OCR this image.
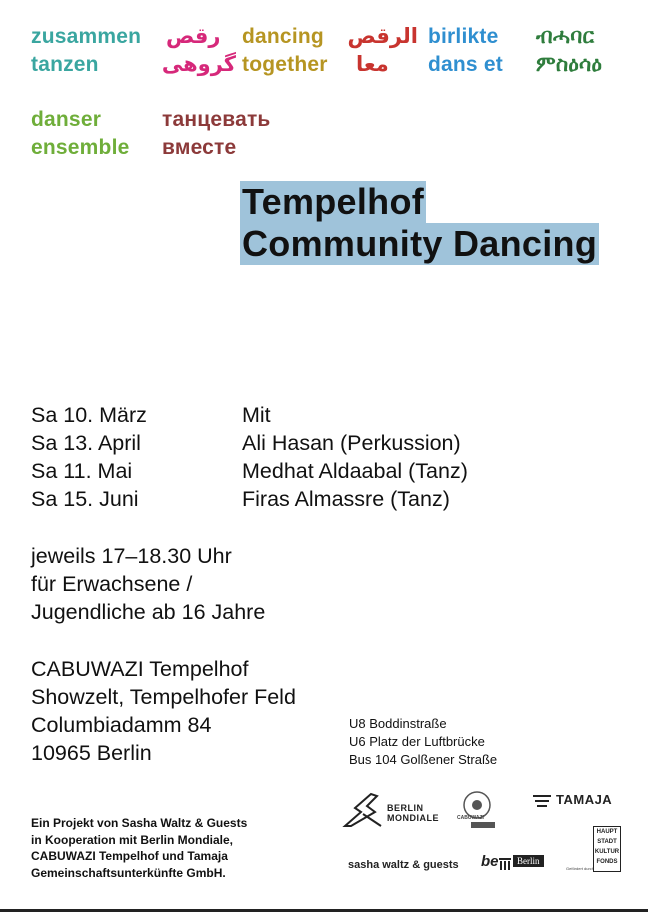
zusammen
tanzen
رقص
گروهی
dancing
together
الرقص
معا
birlikte
dans et
ብሓባር
ምስዕሳዕ
danser
ensemble
танцевать
вместе
Tempelhof
Community Dancing
Sa 10. März
Sa 13. April
Sa 11. Mai
Sa 15. Juni
Mit
Ali Hasan (Perkussion)
Medhat Aldaabal (Tanz)
Firas Almassre (Tanz)
jeweils 17–18.30 Uhr
für Erwachsene /
Jugendliche ab 16 Jahre
CABUWAZI Tempelhof
Showzelt, Tempelhofer Feld
Columbiadamm 84
10965 Berlin
U8 Boddinstraße
U6 Platz der Luftbrücke
Bus 104 Golßener Straße
Ein Projekt von Sasha Waltz & Guests
in Kooperation mit Berlin Mondiale,
CABUWAZI Tempelhof und Tamaja
Gemeinschaftsunterkünfte GmbH.
BERLIN
MONDIALE	CABUWAZI
TAMAJA
sasha waltz & guests be	Berlin
Gefördert durch
HAUPT
STADT
KULTUR
FONDS
